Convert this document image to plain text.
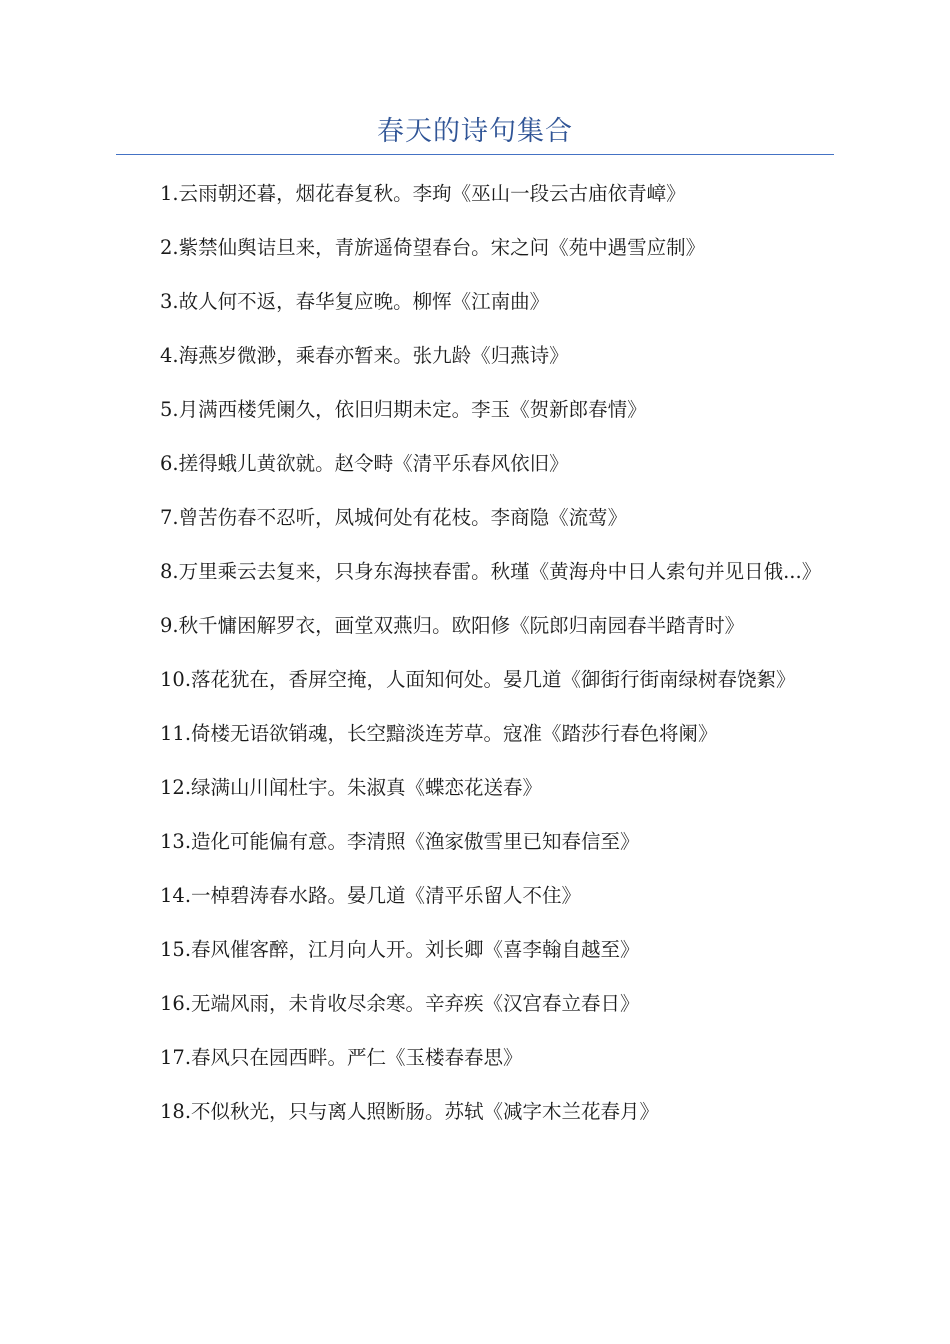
春天的诗句集合

1.云雨朝还暮，烟花春复秋。李珣《巫山一段云古庙依青嶂》

2.紫禁仙舆诘旦来，青旂遥倚望春台。宋之问《苑中遇雪应制》

3.故人何不返，春华复应晚。柳恽《江南曲》

4.海燕岁微渺，乘春亦暂来。张九龄《归燕诗》

5.月满西楼凭阑久，依旧归期未定。李玉《贺新郎春情》

6.搓得蛾儿黄欲就。赵令畤《清平乐春风依旧》

7.曾苦伤春不忍听，凤城何处有花枝。李商隐《流莺》

8.万里乘云去复来，只身东海挟春雷。秋瑾《黄海舟中日人索句并见日俄...》

9.秋千慵困解罗衣，画堂双燕归。欧阳修《阮郎归南园春半踏青时》

10.落花犹在，香屏空掩，人面知何处。晏几道《御街行街南绿树春饶絮》

11.倚楼无语欲销魂，长空黯淡连芳草。寇准《踏莎行春色将阑》

12.绿满山川闻杜宇。朱淑真《蝶恋花送春》

13.造化可能偏有意。李清照《渔家傲雪里已知春信至》

14.一棹碧涛春水路。晏几道《清平乐留人不住》

15.春风催客醉，江月向人开。刘长卿《喜李翰自越至》

16.无端风雨，未肯收尽余寒。辛弃疾《汉宫春立春日》

17.春风只在园西畔。严仁《玉楼春春思》

18.不似秋光，只与离人照断肠。苏轼《减字木兰花春月》
